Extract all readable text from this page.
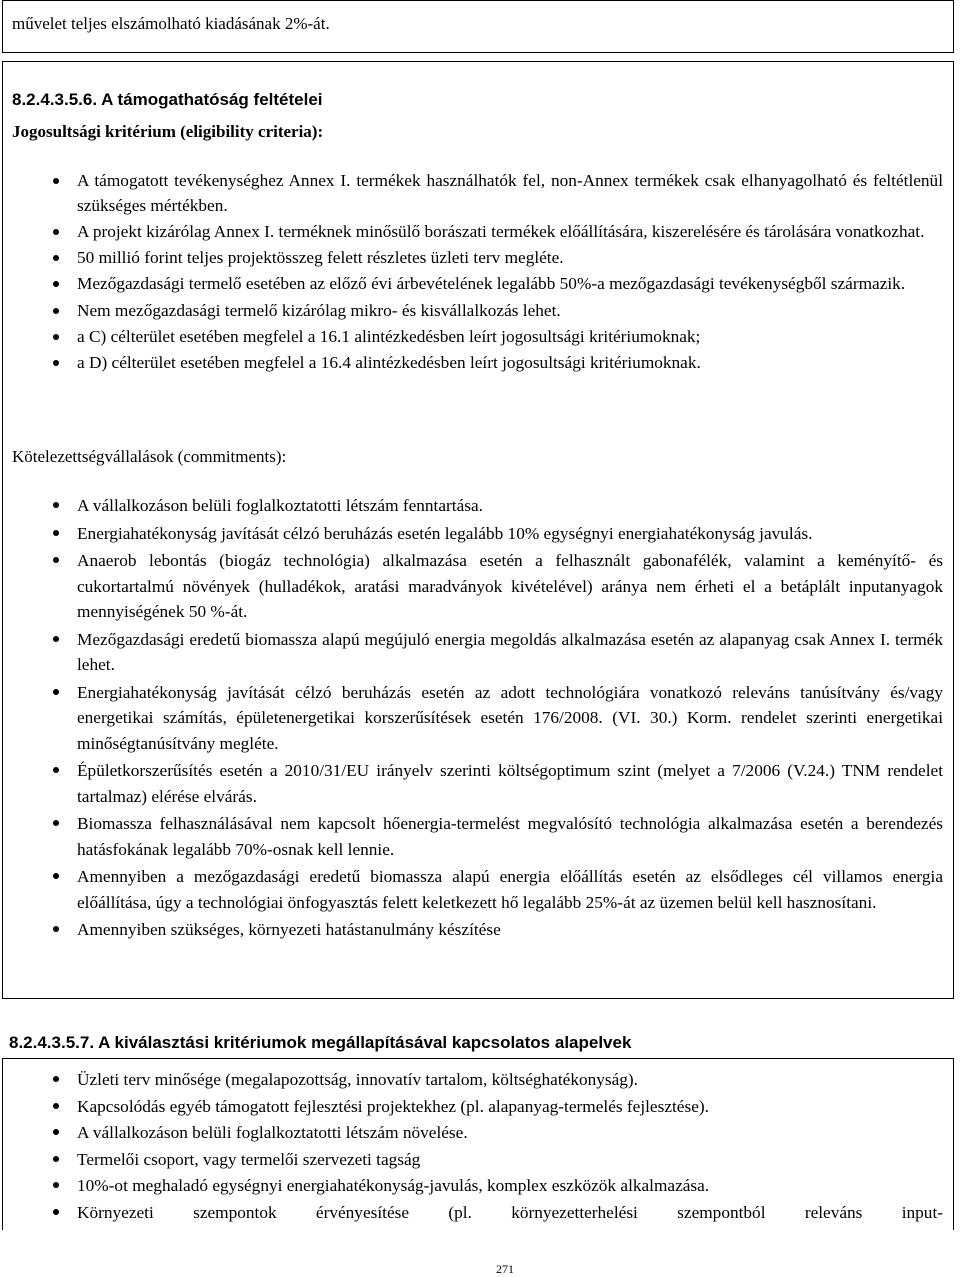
művelet teljes elszámolható kiadásának 2%-át.
8.2.4.3.5.6. A támogathatóság feltételei
Jogosultsági kritérium (eligibility criteria):
A támogatott tevékenységhez Annex I. termékek használhatók fel, non-Annex termékek csak elhanyagolható és feltétlenül szükséges mértékben.
A projekt kizárólag Annex I. terméknek minősülő borászati termékek előállítására, kiszerelésére és tárolására vonatkozhat.
50 millió forint teljes projektösszeg felett részletes üzleti terv megléte.
Mezőgazdasági termelő esetében az előző évi árbevételének legalább 50%-a mezőgazdasági tevékenységből származik.
Nem mezőgazdasági termelő kizárólag mikro- és kisvállalkozás lehet.
a C) célterület esetében megfelel a 16.1 alintézkedésben leírt jogosultsági kritériumoknak;
a D) célterület esetében megfelel a 16.4 alintézkedésben leírt jogosultsági kritériumoknak.
Kötelezettségvállalások (commitments):
A vállalkozáson belüli foglalkoztatotti létszám fenntartása.
Energiahatékonyság javítását célzó beruházás esetén legalább 10% egységnyi energiahatékonyság javulás.
Anaerob lebontás (biogáz technológia) alkalmazása esetén a felhasznált gabonafélék, valamint a keményítő- és cukortartalmú növények (hulladékok, aratási maradványok kivételével) aránya nem érheti el a betáplált inputanyagok mennyiségének 50 %-át.
Mezőgazdasági eredetű biomassza alapú megújuló energia megoldás alkalmazása esetén az alapanyag csak Annex I. termék lehet.
Energiahatékonyság javítását célzó beruházás esetén az adott technológiára vonatkozó releváns tanúsítvány és/vagy energetikai számítás, épületenergetikai korszerűsítések esetén 176/2008. (VI. 30.) Korm. rendelet szerinti energetikai minőségtanúsítvány megléte.
Épületkorszerűsítés esetén a 2010/31/EU irányelv szerinti költségoptimum szint (melyet a 7/2006 (V.24.) TNM rendelet tartalmaz) elérése elvárás.
Biomassza felhasználásával nem kapcsolt hőenergia-termelést megvalósító technológia alkalmazása esetén a berendezés hatásfokának legalább 70%-osnak kell lennie.
Amennyiben a mezőgazdasági eredetű biomassza alapú energia előállítás esetén az elsődleges cél villamos energia előállítása, úgy a technológiai önfogyasztás felett keletkezett hő legalább 25%-át az üzemen belül kell hasznosítani.
Amennyiben szükséges, környezeti hatástanulmány készítése
8.2.4.3.5.7. A kiválasztási kritériumok megállapításával kapcsolatos alapelvek
Üzleti terv minősége (megalapozottság, innovatív tartalom, költséghatékonyság).
Kapcsolódás egyéb támogatott fejlesztési projektekhez (pl. alapanyag-termelés fejlesztése).
A vállalkozáson belüli foglalkoztatotti létszám növelése.
Termelői csoport, vagy termelői szervezeti tagság
10%-ot meghaladó egységnyi energiahatékonyság-javulás, komplex eszközök alkalmazása.
Környezeti szempontok érvényesítése (pl. környezetterhelési szempontból releváns input-
271
